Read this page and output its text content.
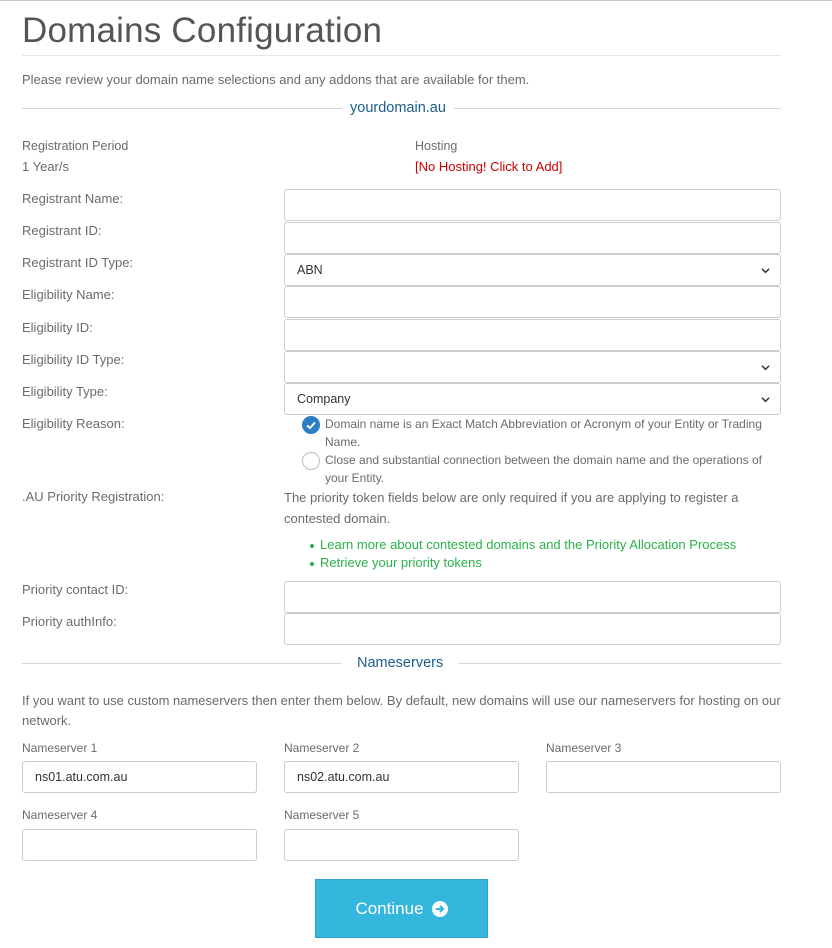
Domains Configuration
Please review your domain name selections and any addons that are available for them.
yourdomain.au
Registration Period
1 Year/s
Hosting
[No Hosting! Click to Add]
Registrant Name:
Registrant ID:
Registrant ID Type:	ABN
Eligibility Name:
Eligibility ID:
Eligibility ID Type:
Eligibility Type:	Company
Eligibility Reason:	Domain name is an Exact Match Abbreviation or Acronym of your Entity or Trading Name.
Close and substantial connection between the domain name and the operations of your Entity.
.AU Priority Registration:	The priority token fields below are only required if you are applying to register a contested domain.
Learn more about contested domains and the Priority Allocation Process
Retrieve your priority tokens
Priority contact ID:
Priority authInfo:
Nameservers
If you want to use custom nameservers then enter them below. By default, new domains will use our nameservers for hosting on our network.
Nameserver 1
ns01.atu.com.au
Nameserver 2
ns02.atu.com.au
Nameserver 3
Nameserver 4	Nameserver 5
Continue
